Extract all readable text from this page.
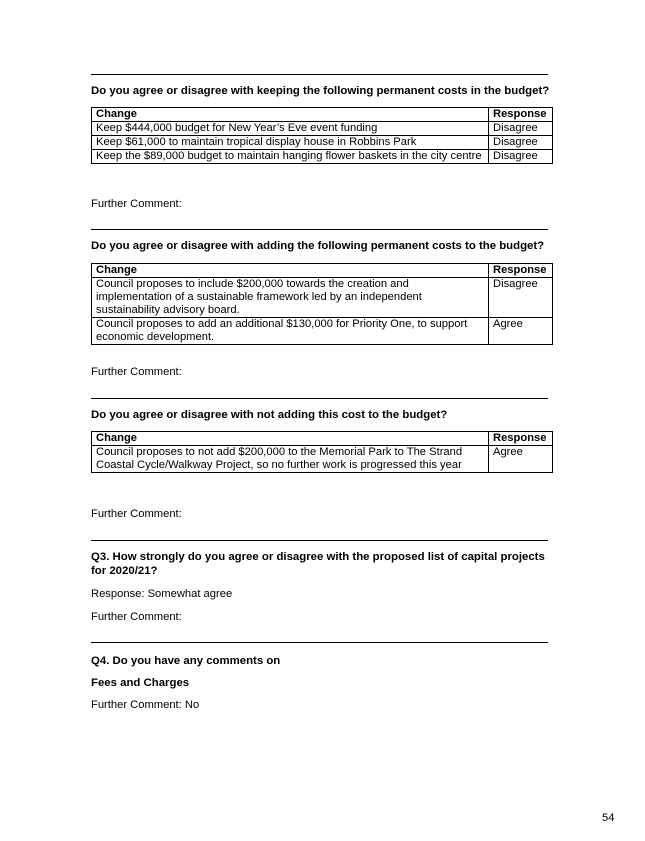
Do you agree or disagree with keeping the following permanent costs in the budget?
Change	Response
Keep $444,000 budget for New Year’s Eve event funding	Disagree
Keep $61,000 to maintain tropical display house in Robbins Park	Disagree
Keep the $89,000 budget to maintain hanging flower baskets in the city centre	Disagree
Further Comment:
Do you agree or disagree with adding the following permanent costs to the budget?
Change	Response
Council proposes to include $200,000 towards the creation and implementation of a sustainable framework led by an independent sustainability advisory board.	Disagree
Council proposes to add an additional $130,000 for Priority One, to support economic development.	Agree
Further Comment:
Do you agree or disagree with not adding this cost to the budget?
Change	Response
Council proposes to not add $200,000 to the Memorial Park to The Strand Coastal Cycle/Walkway Project, so no further work is progressed this year	Agree
Further Comment:
Q3. How strongly do you agree or disagree with the proposed list of capital projects for 2020/21?
Response: Somewhat agree
Further Comment:
Q4. Do you have any comments on
Fees and Charges
Further Comment: No
54
